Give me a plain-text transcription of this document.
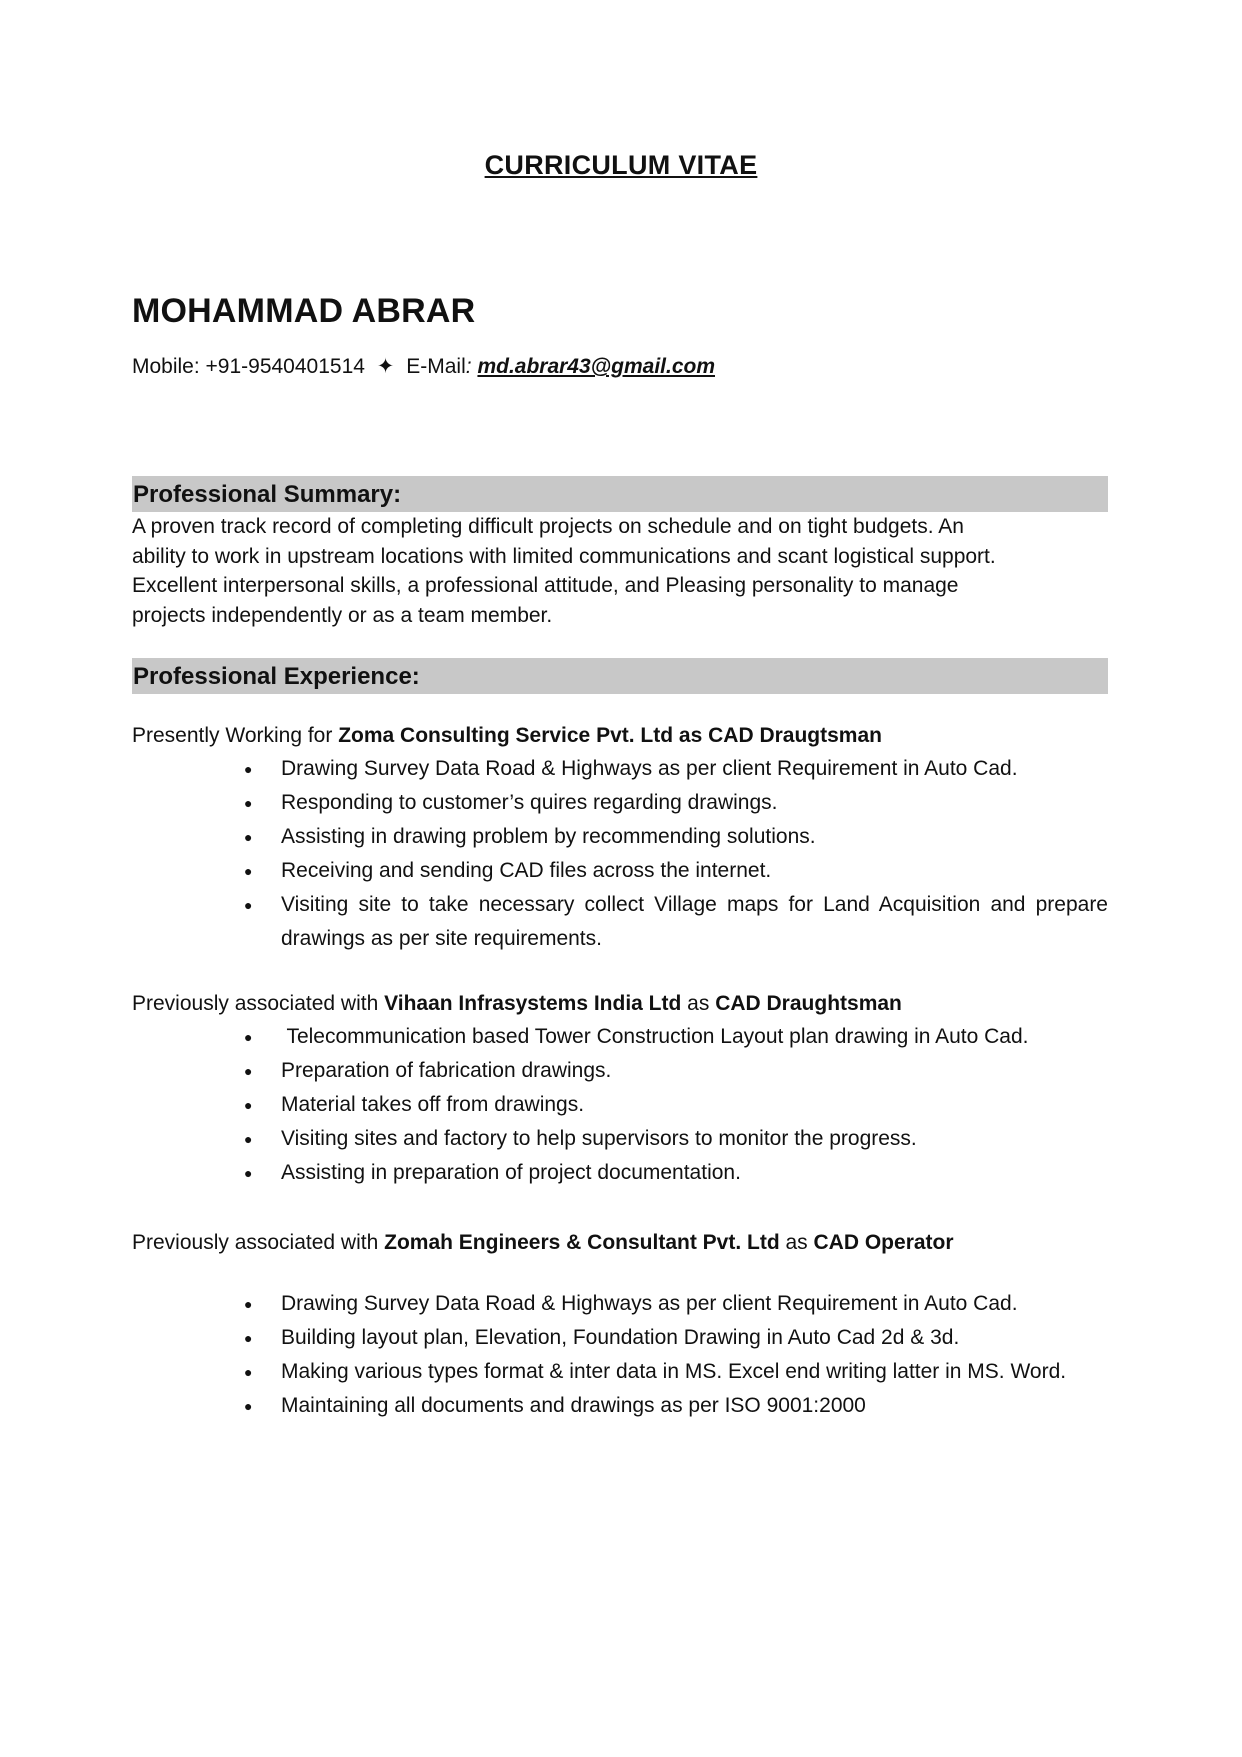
CURRICULUM VITAE
MOHAMMAD ABRAR
Mobile: +91-9540401514 ✦ E-Mail: md.abrar43@gmail.com
Professional Summary:
A proven track record of completing difficult projects on schedule and on tight budgets. An
ability to work in upstream locations with limited communications and scant logistical support.
Excellent interpersonal skills, a professional attitude, and Pleasing personality to manage
projects independently or as a team member.
Professional Experience:

Presently Working for Zoma Consulting Service Pvt. Ltd as CAD Draugtsman

● Drawing Survey Data Road & Highways as per client Requirement in Auto Cad.
● Responding to customer’s quires regarding drawings.
● Assisting in drawing problem by recommending solutions.
● Receiving and sending CAD files across the internet.
● Visiting site to take necessary collect Village maps for Land Acquisition and prepare drawings as per site requirements.

Previously associated with Vihaan Infrasystems India Ltd as CAD Draughtsman

● Telecommunication based Tower Construction Layout plan drawing in Auto Cad.
● Preparation of fabrication drawings.
● Material takes off from drawings.
● Visiting sites and factory to help supervisors to monitor the progress.
● Assisting in preparation of project documentation.

Previously associated with Zomah Engineers & Consultant Pvt. Ltd as CAD Operator

● Drawing Survey Data Road & Highways as per client Requirement in Auto Cad.
● Building layout plan, Elevation, Foundation Drawing in Auto Cad 2d & 3d.
● Making various types format & inter data in MS. Excel end writing latter in MS. Word.
● Maintaining all documents and drawings as per ISO 9001:2000
